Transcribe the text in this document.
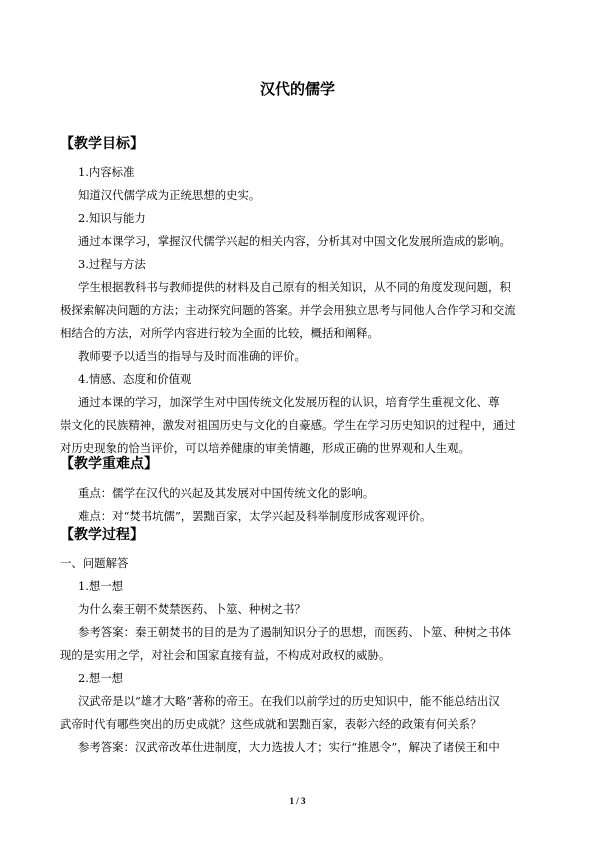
汉代的儒学
【教学目标】
1.内容标准
知道汉代儒学成为正统思想的史实。
2.知识与能力
通过本课学习，掌握汉代儒学兴起的相关内容，分析其对中国文化发展所造成的影响。
3.过程与方法
学生根据教科书与教师提供的材料及自己原有的相关知识，从不同的角度发现问题，积
极探索解决问题的方法；主动探究问题的答案。并学会用独立思考与同他人合作学习和交流
相结合的方法，对所学内容进行较为全面的比较，概括和阐释。
教师要予以适当的指导与及时而准确的评价。
4.情感、态度和价值观
通过本课的学习，加深学生对中国传统文化发展历程的认识，培育学生重视文化、尊
崇文化的民族精神，激发对祖国历史与文化的自豪感。学生在学习历史知识的过程中，通过
对历史现象的恰当评价，可以培养健康的审美情趣，形成正确的世界观和人生观。
【教学重难点】
重点：儒学在汉代的兴起及其发展对中国传统文化的影响。
难点：对“焚书坑儒”，罢黜百家，太学兴起及科举制度形成客观评价。
【教学过程】
一、问题解答
1.想一想
为什么秦王朝不焚禁医药、卜筮、种树之书？
参考答案：秦王朝焚书的目的是为了遏制知识分子的思想，而医药、卜筮、种树之书体
现的是实用之学，对社会和国家直接有益，不构成对政权的威胁。
2.想一想
汉武帝是以“雄才大略”著称的帝王。在我们以前学过的历史知识中，能不能总结出汉
武帝时代有哪些突出的历史成就？这些成就和罢黜百家，表彰六经的政策有何关系？
参考答案：汉武帝改革仕进制度，大力选拔人才；实行“推恩令”，解决了诸侯王和中
1 / 3
